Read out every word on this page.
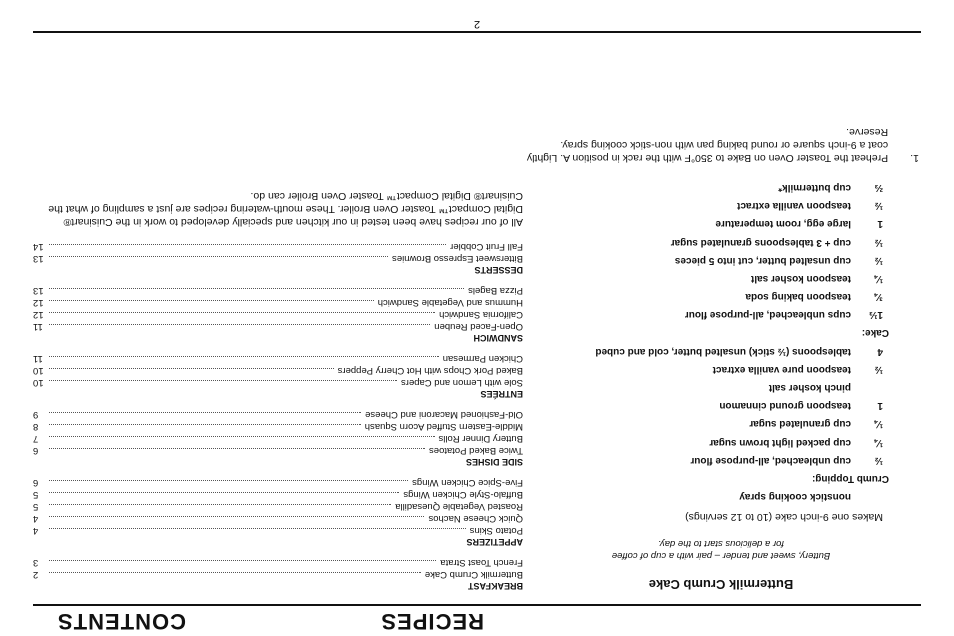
CONTENTS	RECIPES
BREAKFAST
Buttermilk Crumb Cake
2
French Toast Strata
3
APPETIZERS
Potato Skins
4
Quick Cheese Nachos
4
Roasted Vegetable Quesadilla
5
Buffalo-Style Chicken Wings
5
Five-Spice Chicken Wings
6
SIDE DISHES
Twice Baked Potatoes
6
Buttery Dinner Rolls
7
Middle-Eastern Stuffed Acorn Squash
8
Old-Fashioned Macaroni and Cheese
9
ENTRÉES
Sole with Lemon and Capers
10
Baked Pork Chops with Hot Cherry Peppers
10
Chicken Parmesan
11
SANDWICH
Open-Faced Reuben
11
California Sandwich
12
Hummus and Vegetable Sandwich
12
Pizza Bagels
13
DESSERTS
Bittersweet Espresso Brownies
13
Fall Fruit Cobbler
14
All of our recipes have been tested in our kitchen and specially developed to work in the Cuisinart® Digital Compact™ Toaster Oven Broiler. These mouth-watering recipes are just a sampling of what the Cuisinart® Digital Compact™ Toaster Oven Broiler can do.
Buttermilk Crumb Cake
Buttery, sweet and tender – pair with a cup of coffee
for a delicious start to the day.
Makes one 9-inch cake (10 to 12 servings)
nonstick cooking spray
Crumb Topping:
½
cup unbleached, all-purpose flour
¼
cup packed light brown sugar
¼
cup granulated sugar
1
teaspoon ground cinnamon
pinch kosher salt
½
teaspoon pure vanilla extract
4
tablespoons (½ stick) unsalted butter, cold and cubed
Cake:
1⅓
cups unbleached, all-purpose flour
¾
teaspoon baking soda
¼
teaspoon kosher salt
½
cup unsalted butter, cut into 5 pieces
½
cup + 3 tablespoons granulated sugar
1
large egg, room temperature
½
teaspoon vanilla extract
⅔
cup buttermilk*
1.
Preheat the Toaster Oven on Bake to 350°F with the rack in position A. Lightly coat a 9-inch square or round baking pan with non-stick cooking spray. Reserve.
2
